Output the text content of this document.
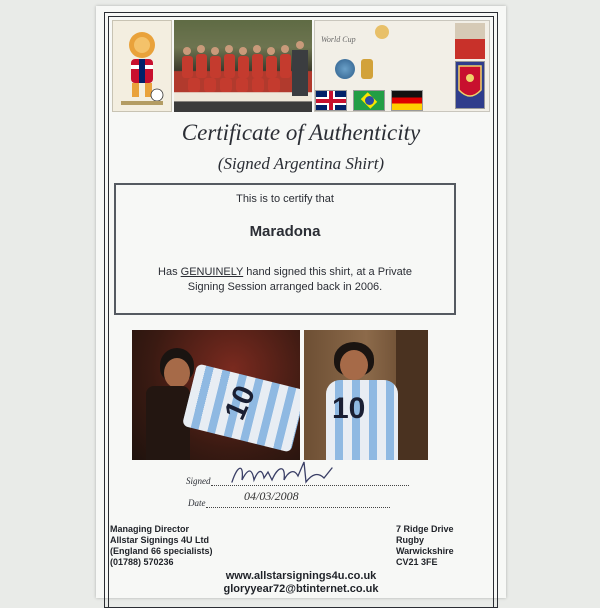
World Cup
Certificate of Authenticity
(Signed Argentina Shirt)
This is to certify that
Maradona
Has GENUINELY hand signed this shirt, at a Private Signing Session arranged back in 2006.
10 10
Signed
Date	04/03/2008
Managing Director
Allstar Signings 4U Ltd
(England 66 specialists)
(01788) 570236
7 Ridge Drive
Rugby
Warwickshire
CV21 3FE
www.allstarsignings4u.co.uk
gloryyear72@btinternet.co.uk
